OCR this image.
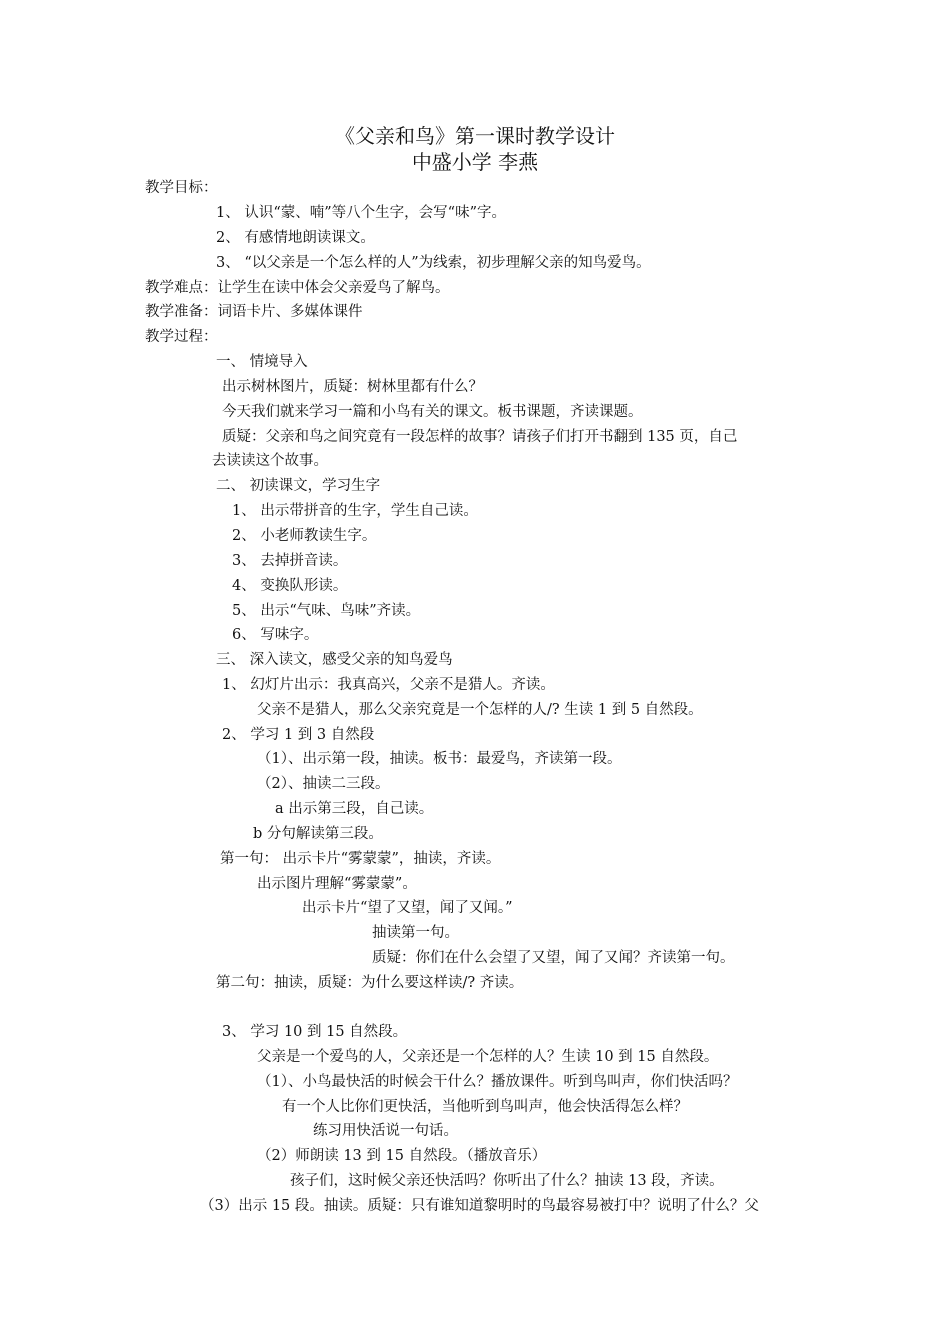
《父亲和鸟》第一课时教学设计
中盛小学 李燕
教学目标：
1、 认识“蒙、喃”等八个生字，会写“味”字。
2、 有感情地朗读课文。
3、 “以父亲是一个怎么样的人”为线索，初步理解父亲的知鸟爱鸟。
教学难点：让学生在读中体会父亲爱鸟了解鸟。
教学准备：词语卡片、多媒体课件
教学过程：
一、 情境导入
出示树林图片，质疑：树林里都有什么？
今天我们就来学习一篇和小鸟有关的课文。板书课题，齐读课题。
质疑：父亲和鸟之间究竟有一段怎样的故事？请孩子们打开书翻到 135 页，自己
去读读这个故事。
二、 初读课文，学习生字
1、 出示带拼音的生字，学生自己读。
2、 小老师教读生字。
3、 去掉拼音读。
4、 变换队形读。
5、 出示“气味、鸟味”齐读。
6、 写味字。
三、 深入读文，感受父亲的知鸟爱鸟
1、 幻灯片出示：我真高兴，父亲不是猎人。齐读。
父亲不是猎人，那么父亲究竟是一个怎样的人/? 生读 1 到 5 自然段。
2、 学习 1 到 3 自然段
（1）、出示第一段，抽读。板书：最爱鸟，齐读第一段。
（2）、抽读二三段。
a 出示第三段，自己读。
b 分句解读第三段。
第一句： 出示卡片“雾蒙蒙”，抽读，齐读。
出示图片理解“雾蒙蒙”。
出示卡片“望了又望，闻了又闻。”
抽读第一句。
质疑：你们在什么会望了又望，闻了又闻？齐读第一句。
第二句：抽读，质疑：为什么要这样读/? 齐读。
3、 学习 10 到 15 自然段。
父亲是一个爱鸟的人，父亲还是一个怎样的人？生读 10 到 15 自然段。
（1）、小鸟最快活的时候会干什么？播放课件。听到鸟叫声，你们快活吗？
有一个人比你们更快活，当他听到鸟叫声，他会快活得怎么样？
练习用快活说一句话。
（2）师朗读 13 到 15 自然段。（播放音乐）
孩子们，这时候父亲还快活吗？你听出了什么？抽读 13 段，齐读。
（3）出示 15 段。抽读。质疑：只有谁知道黎明时的鸟最容易被打中？说明了什么？父
